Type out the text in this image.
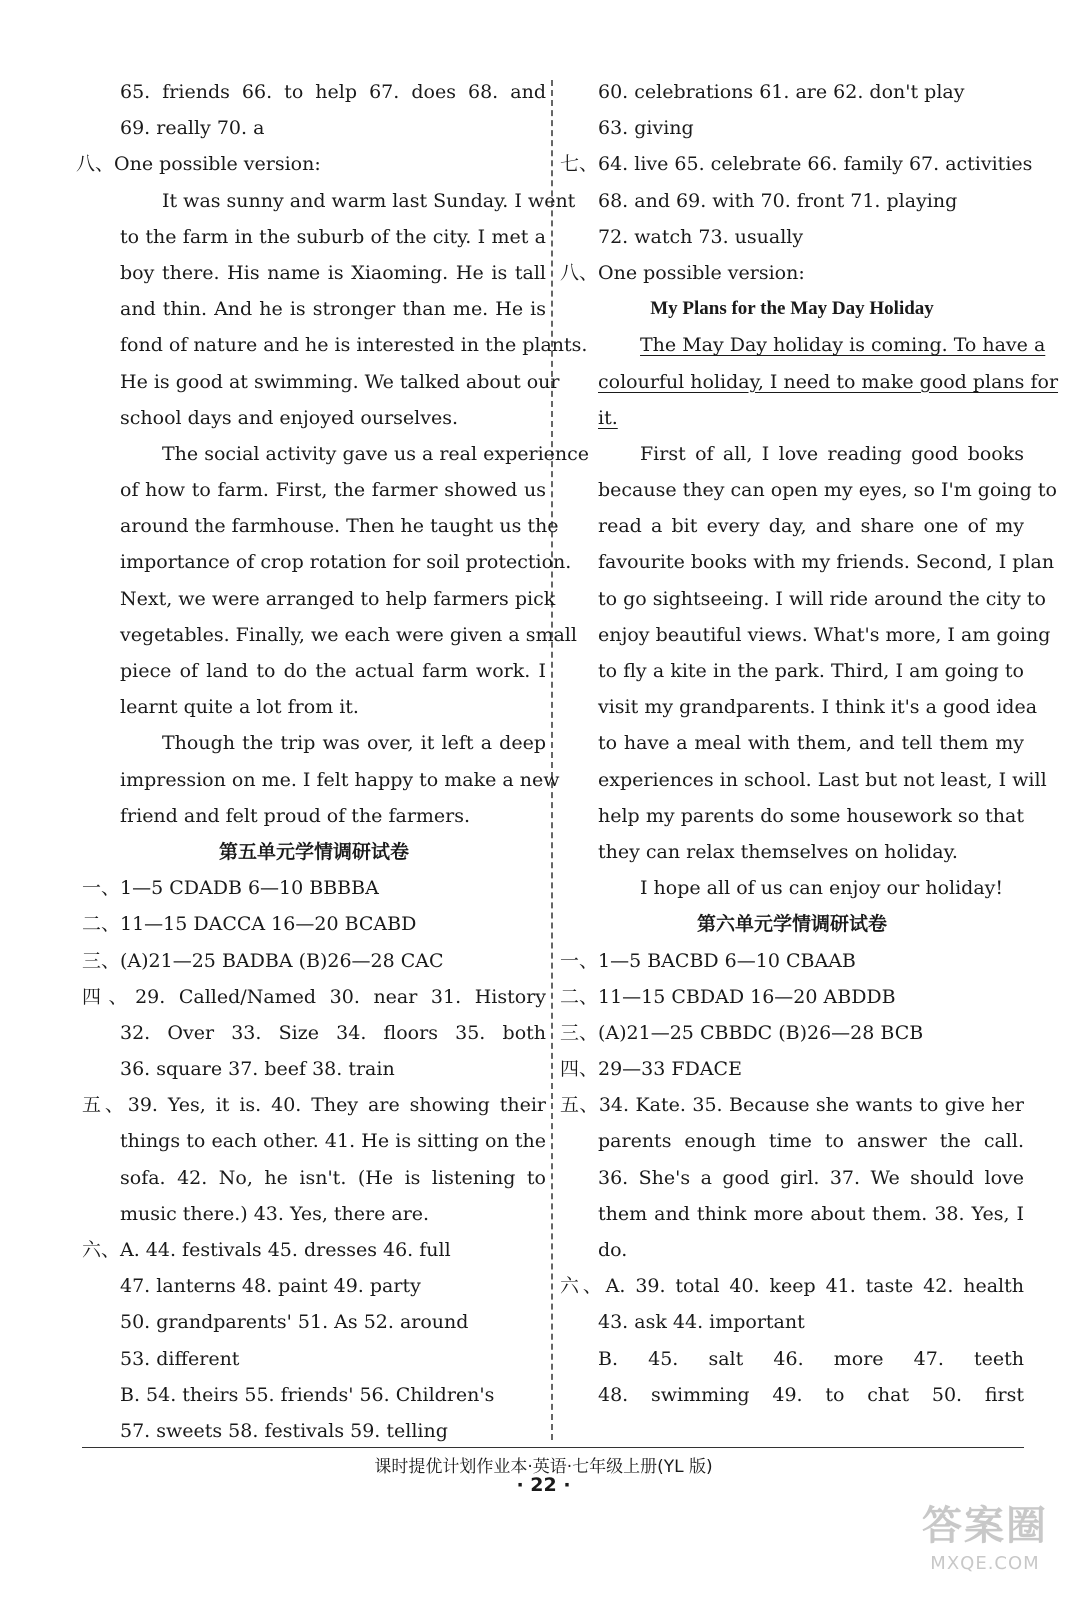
65. friends 66. to help 67. does 68. and
69. really 70. a
八、One possible version:
It was sunny and warm last Sunday. I went
to the farm in the suburb of the city. I met a
boy there. His name is Xiaoming. He is tall
and thin. And he is stronger than me. He is
fond of nature and he is interested in the plants.
He is good at swimming. We talked about our
school days and enjoyed ourselves.
The social activity gave us a real experience
of how to farm. First, the farmer showed us
around the farmhouse. Then he taught us the
importance of crop rotation for soil protection.
Next, we were arranged to help farmers pick
vegetables. Finally, we each were given a small
piece of land to do the actual farm work. I
learnt quite a lot from it.
Though the trip was over, it left a deep
impression on me. I felt happy to make a new
friend and felt proud of the farmers.
第五单元学情调研试卷
一、1—5 CDADB 6—10 BBBBA
二、11—15 DACCA 16—20 BCABD
三、(A)21—25 BADBA (B)26—28 CAC
四、29. Called/Named 30. near 31. History
32. Over 33. Size 34. floors 35. both
36. square 37. beef 38. train
五、39. Yes, it is. 40. They are showing their
things to each other. 41. He is sitting on the
sofa. 42. No, he isn't. (He is listening to
music there.) 43. Yes, there are.
六、A. 44. festivals 45. dresses 46. full
47. lanterns 48. paint 49. party
50. grandparents' 51. As 52. around
53. different
B. 54. theirs 55. friends' 56. Children's
57. sweets 58. festivals 59. telling
60. celebrations 61. are 62. don't play
63. giving
七、64. live 65. celebrate 66. family 67. activities
68. and 69. with 70. front 71. playing
72. watch 73. usually
八、One possible version:
My Plans for the May Day Holiday
The May Day holiday is coming. To have a
colourful holiday, I need to make good plans for
it.
First of all, I love reading good books
because they can open my eyes, so I'm going to
read a bit every day, and share one of my
favourite books with my friends. Second, I plan
to go sightseeing. I will ride around the city to
enjoy beautiful views. What's more, I am going
to fly a kite in the park. Third, I am going to
visit my grandparents. I think it's a good idea
to have a meal with them, and tell them my
experiences in school. Last but not least, I will
help my parents do some housework so that
they can relax themselves on holiday.
I hope all of us can enjoy our holiday!
第六单元学情调研试卷
一、1—5 BACBD 6—10 CBAAB
二、11—15 CBDAD 16—20 ABDDB
三、(A)21—25 CBBDC (B)26—28 BCB
四、29—33 FDACE
五、34. Kate. 35. Because she wants to give her
parents enough time to answer the call.
36. She's a good girl. 37. We should love
them and think more about them. 38. Yes, I
do.
六、A. 39. total 40. keep 41. taste 42. health
43. ask 44. important
B. 45. salt 46. more 47. teeth
48. swimming 49. to chat 50. first
课时提优计划作业本·英语·七年级上册(YL 版)
· 22 ·
答案圈
MXQE.COM
